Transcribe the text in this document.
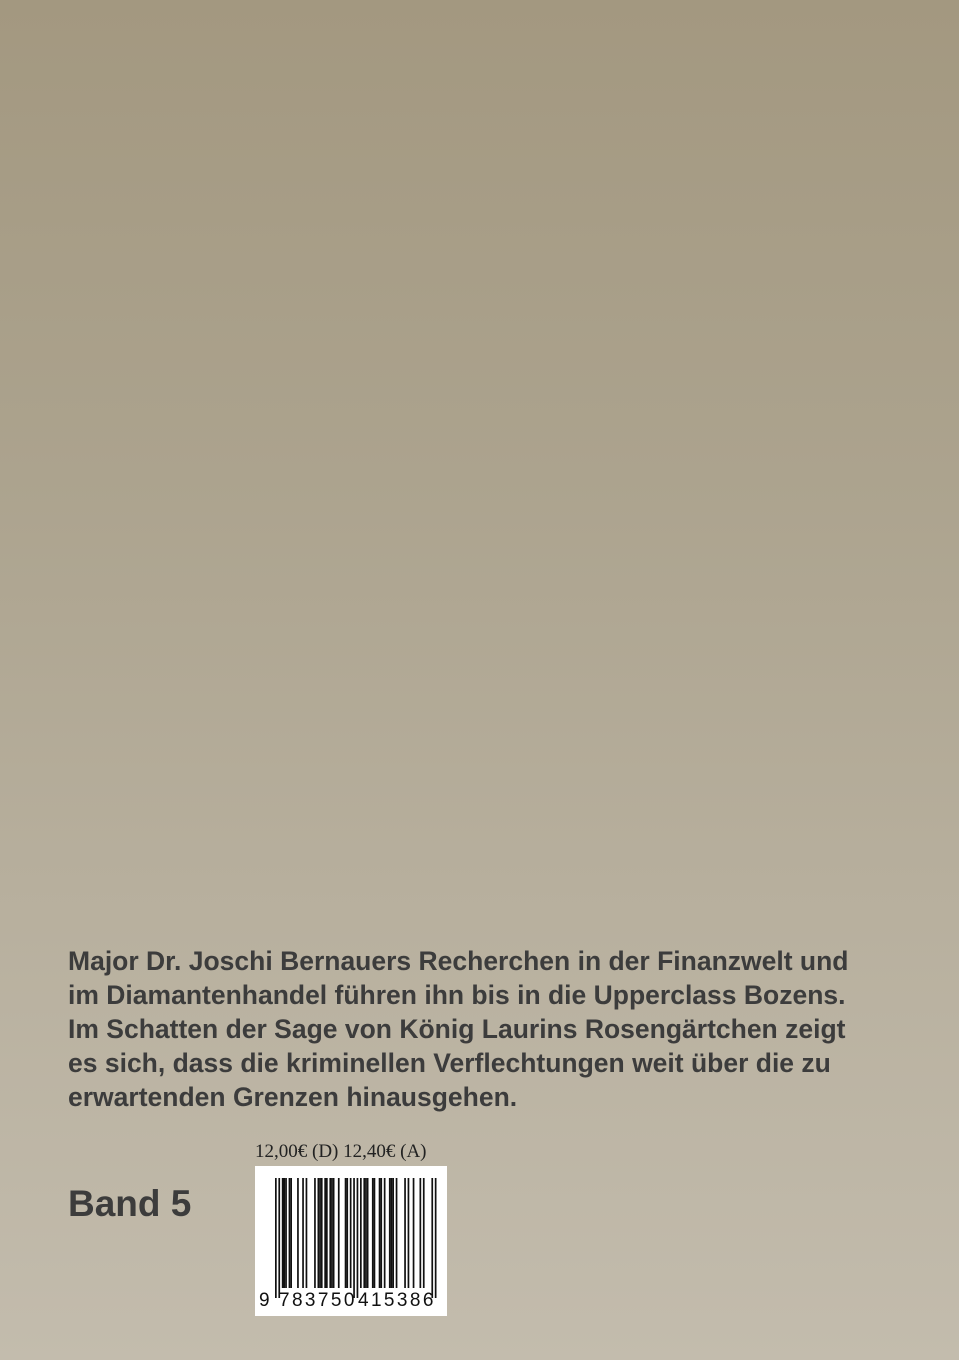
Major Dr. Joschi Bernauers Recherchen in der Finanzwelt und
im Diamantenhandel führen ihn bis in die Upperclass Bozens.
Im Schatten der Sage von König Laurins Rosengärtchen zeigt
es sich, dass die kriminellen Verflechtungen weit über die zu
erwartenden Grenzen hinausgehen.
12,00€ (D) 12,40€ (A)
Band 5
9 783750 415386
